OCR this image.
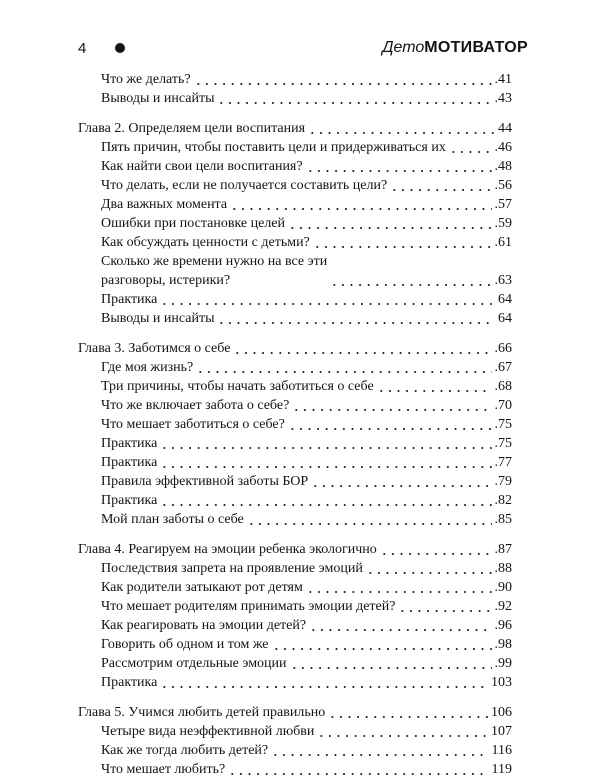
4	ДетоМОТИВАТОР
Что же делать?	.41
Выводы и инсайты	.43
Глава 2. Определяем цели воспитания	44
Пять причин, чтобы поставить цели и придерживаться их	.46
Как найти свои цели воспитания?	.48
Что делать, если не получается составить цели?	.56
Два важных момента	.57
Ошибки при постановке целей	.59
Как обсуждать ценности с детьми?	.61
Сколько же времени нужно на все эти
разговоры, истерики?	.63
Практика	64
Выводы и инсайты	64
Глава 3. Заботимся о себе	.66
Где моя жизнь?	.67
Три причины, чтобы начать заботиться о себе	.68
Что же включает забота о себе?	.70
Что мешает заботиться о себе?	.75
Практика	.75
Практика	.77
Правила эффективной заботы БОР	.79
Практика	.82
Мой план заботы о себе	.85
Глава 4. Реагируем на эмоции ребенка экологично	.87
Последствия запрета на проявление эмоций	.88
Как родители затыкают рот детям	.90
Что мешает родителям принимать эмоции детей?	.92
Как реагировать на эмоции детей?	.96
Говорить об одном и том же	.98
Рассмотрим отдельные эмоции	.99
Практика	103
Глава 5. Учимся любить детей правильно	106
Четыре вида неэффективной любви	107
Как же тогда любить детей?	116
Что мешает любить?	119
